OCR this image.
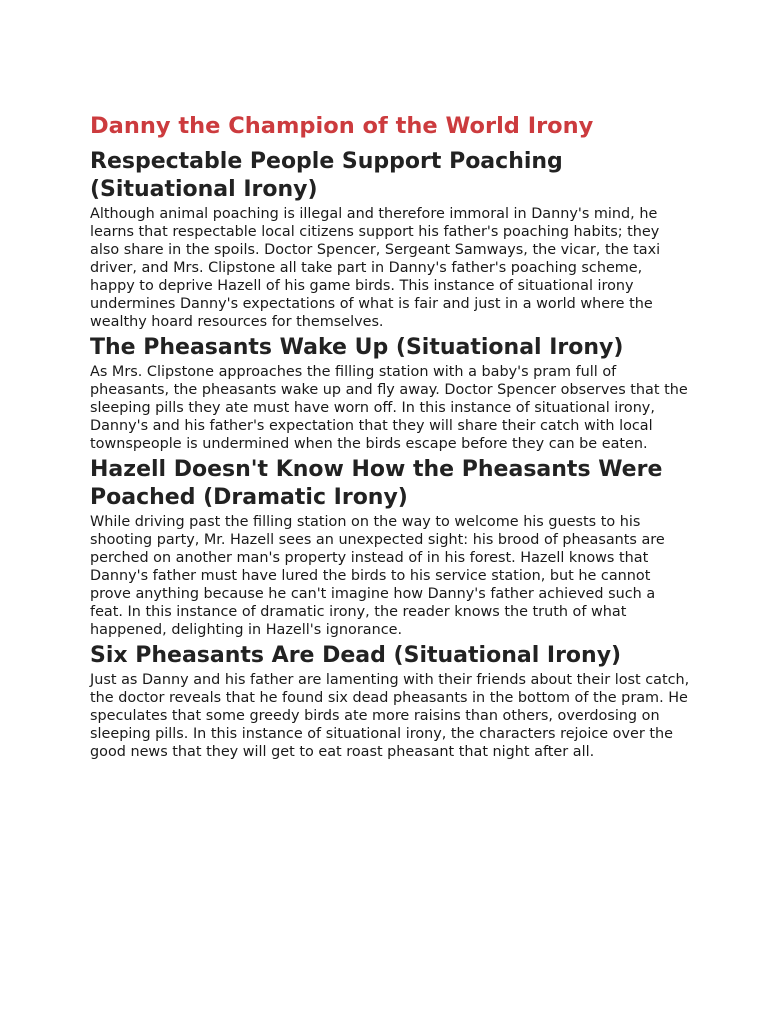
Danny the Champion of the World Irony
Respectable People Support Poaching (Situational Irony)

Although animal poaching is illegal and therefore immoral in Danny's mind, he learns that respectable local citizens support his father's poaching habits; they also share in the spoils. Doctor Spencer, Sergeant Samways, the vicar, the taxi driver, and Mrs. Clipstone all take part in Danny's father's poaching scheme, happy to deprive Hazell of his game birds. This instance of situational irony undermines Danny's expectations of what is fair and just in a world where the wealthy hoard resources for themselves.

The Pheasants Wake Up (Situational Irony)

As Mrs. Clipstone approaches the filling station with a baby's pram full of pheasants, the pheasants wake up and fly away. Doctor Spencer observes that the sleeping pills they ate must have worn off. In this instance of situational irony, Danny's and his father's expectation that they will share their catch with local townspeople is undermined when the birds escape before they can be eaten.

Hazell Doesn't Know How the Pheasants Were Poached (Dramatic Irony)

While driving past the filling station on the way to welcome his guests to his shooting party, Mr. Hazell sees an unexpected sight: his brood of pheasants are perched on another man's property instead of in his forest. Hazell knows that Danny's father must have lured the birds to his service station, but he cannot prove anything because he can't imagine how Danny's father achieved such a feat. In this instance of dramatic irony, the reader knows the truth of what happened, delighting in Hazell's ignorance.

Six Pheasants Are Dead (Situational Irony)

Just as Danny and his father are lamenting with their friends about their lost catch, the doctor reveals that he found six dead pheasants in the bottom of the pram. He speculates that some greedy birds ate more raisins than others, overdosing on sleeping pills. In this instance of situational irony, the characters rejoice over the good news that they will get to eat roast pheasant that night after all.
